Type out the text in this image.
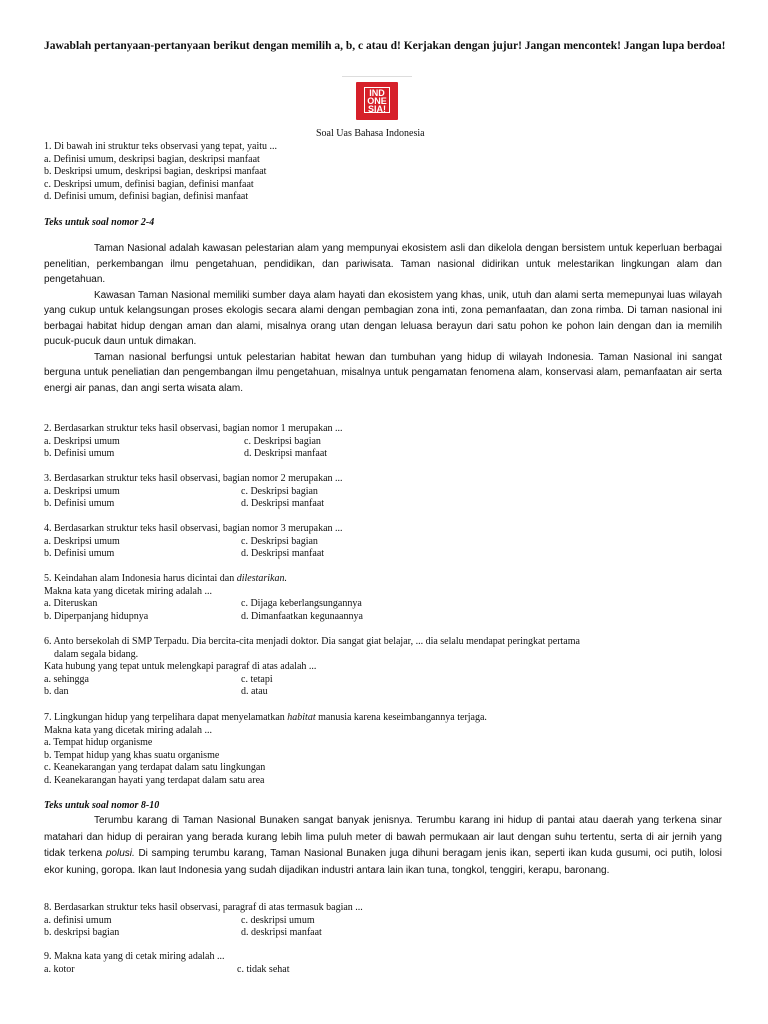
Jawablah pertanyaan-pertanyaan berikut dengan memilih a, b, c atau d! Kerjakan dengan jujur! Jangan mencontek! Jangan lupa berdoa!
IND
ONE
SIA!
Soal Uas Bahasa Indonesia
1. Di bawah ini struktur teks observasi yang tepat, yaitu ...
a. Definisi umum, deskripsi bagian, deskripsi manfaat
b. Deskripsi umum, deskripsi bagian, deskripsi manfaat
c. Deskripsi umum, definisi bagian, definisi manfaat
d. Definisi umum, definisi bagian, definisi manfaat
Teks untuk soal nomor 2-4

Taman Nasional adalah kawasan pelestarian alam yang mempunyai ekosistem asli dan dikelola dengan bersistem untuk keperluan berbagai penelitian, perkembangan ilmu pengetahuan, pendidikan, dan pariwisata. Taman nasional didirikan untuk melestarikan lingkungan alam dan pengetahuan.

Kawasan Taman Nasional memiliki sumber daya alam hayati dan ekosistem yang khas, unik, utuh dan alami serta memepunyai luas wilayah yang cukup untuk kelangsungan proses ekologis secara alami dengan pembagian zona inti, zona pemanfaatan, dan zona rimba. Di taman nasional ini berbagai habitat hidup dengan aman dan alami, misalnya orang utan dengan leluasa berayun dari satu pohon ke pohon lain dengan dan ia memilih pucuk-pucuk daun untuk dimakan.

Taman nasional berfungsi untuk pelestarian habitat hewan dan tumbuhan yang hidup di wilayah Indonesia. Taman Nasional ini sangat berguna untuk peneliatian dan pengembangan ilmu pengetahuan, misalnya untuk pengamatan fenomena alam, konservasi alam, pemanfaatan air serta energi air panas, dan angi serta wisata alam.

2. Berdasarkan struktur teks hasil observasi, bagian nomor 1 merupakan ...
a. Deskripsi umum
b. Definisi umum
c. Deskripsi bagian
d. Deskripsi manfaat
3. Berdasarkan struktur teks hasil observasi, bagian nomor 2 merupakan ...
a. Deskripsi umum
b. Definisi umum
c. Deskripsi bagian
d. Deskripsi manfaat
4. Berdasarkan struktur teks hasil observasi, bagian nomor 3 merupakan ...
a. Deskripsi umum
b. Definisi umum
c. Deskripsi bagian
d. Deskripsi manfaat
5. Keindahan alam Indonesia harus dicintai dan dilestarikan.
Makna kata yang dicetak miring adalah ...
a. Diteruskan
b. Diperpanjang hidupnya
c. Dijaga keberlangsungannya
d. Dimanfaatkan kegunaannya
6. Anto bersekolah di SMP Terpadu. Dia bercita-cita menjadi doktor. Dia sangat giat belajar, ... dia selalu mendapat peringkat pertama
dalam segala bidang.
Kata hubung yang tepat untuk melengkapi paragraf di atas adalah ...
a. sehingga
b. dan
c. tetapi
d. atau
7. Lingkungan hidup yang terpelihara dapat menyelamatkan habitat manusia karena keseimbangannya terjaga.
Makna kata yang dicetak miring adalah ...
a. Tempat hidup organisme
b. Tempat hidup yang khas suatu organisme
c. Keanekarangan yang terdapat dalam satu lingkungan
d. Keanekarangan hayati yang terdapat dalam satu area
Teks untuk soal nomor 8-10

Terumbu karang di Taman Nasional Bunaken sangat banyak jenisnya. Terumbu karang ini hidup di pantai atau daerah yang terkena sinar matahari dan hidup di perairan yang berada kurang lebih lima puluh meter di bawah permukaan air laut dengan suhu tertentu, serta di air jernih yang tidak terkena polusi. Di samping terumbu karang, Taman Nasional Bunaken juga dihuni beragam jenis ikan, seperti ikan kuda gusumi, oci putih, lolosi ekor kuning, goropa. Ikan laut Indonesia yang sudah dijadikan industri antara lain ikan tuna, tongkol, tenggiri, kerapu, baronang.

8. Berdasarkan struktur teks hasil observasi, paragraf di atas termasuk bagian ...
a. definisi umum
b. deskripsi bagian
c. deskripsi umum
d. deskripsi manfaat
9. Makna kata yang di cetak miring adalah ...
a. kotor	c. tidak sehat
